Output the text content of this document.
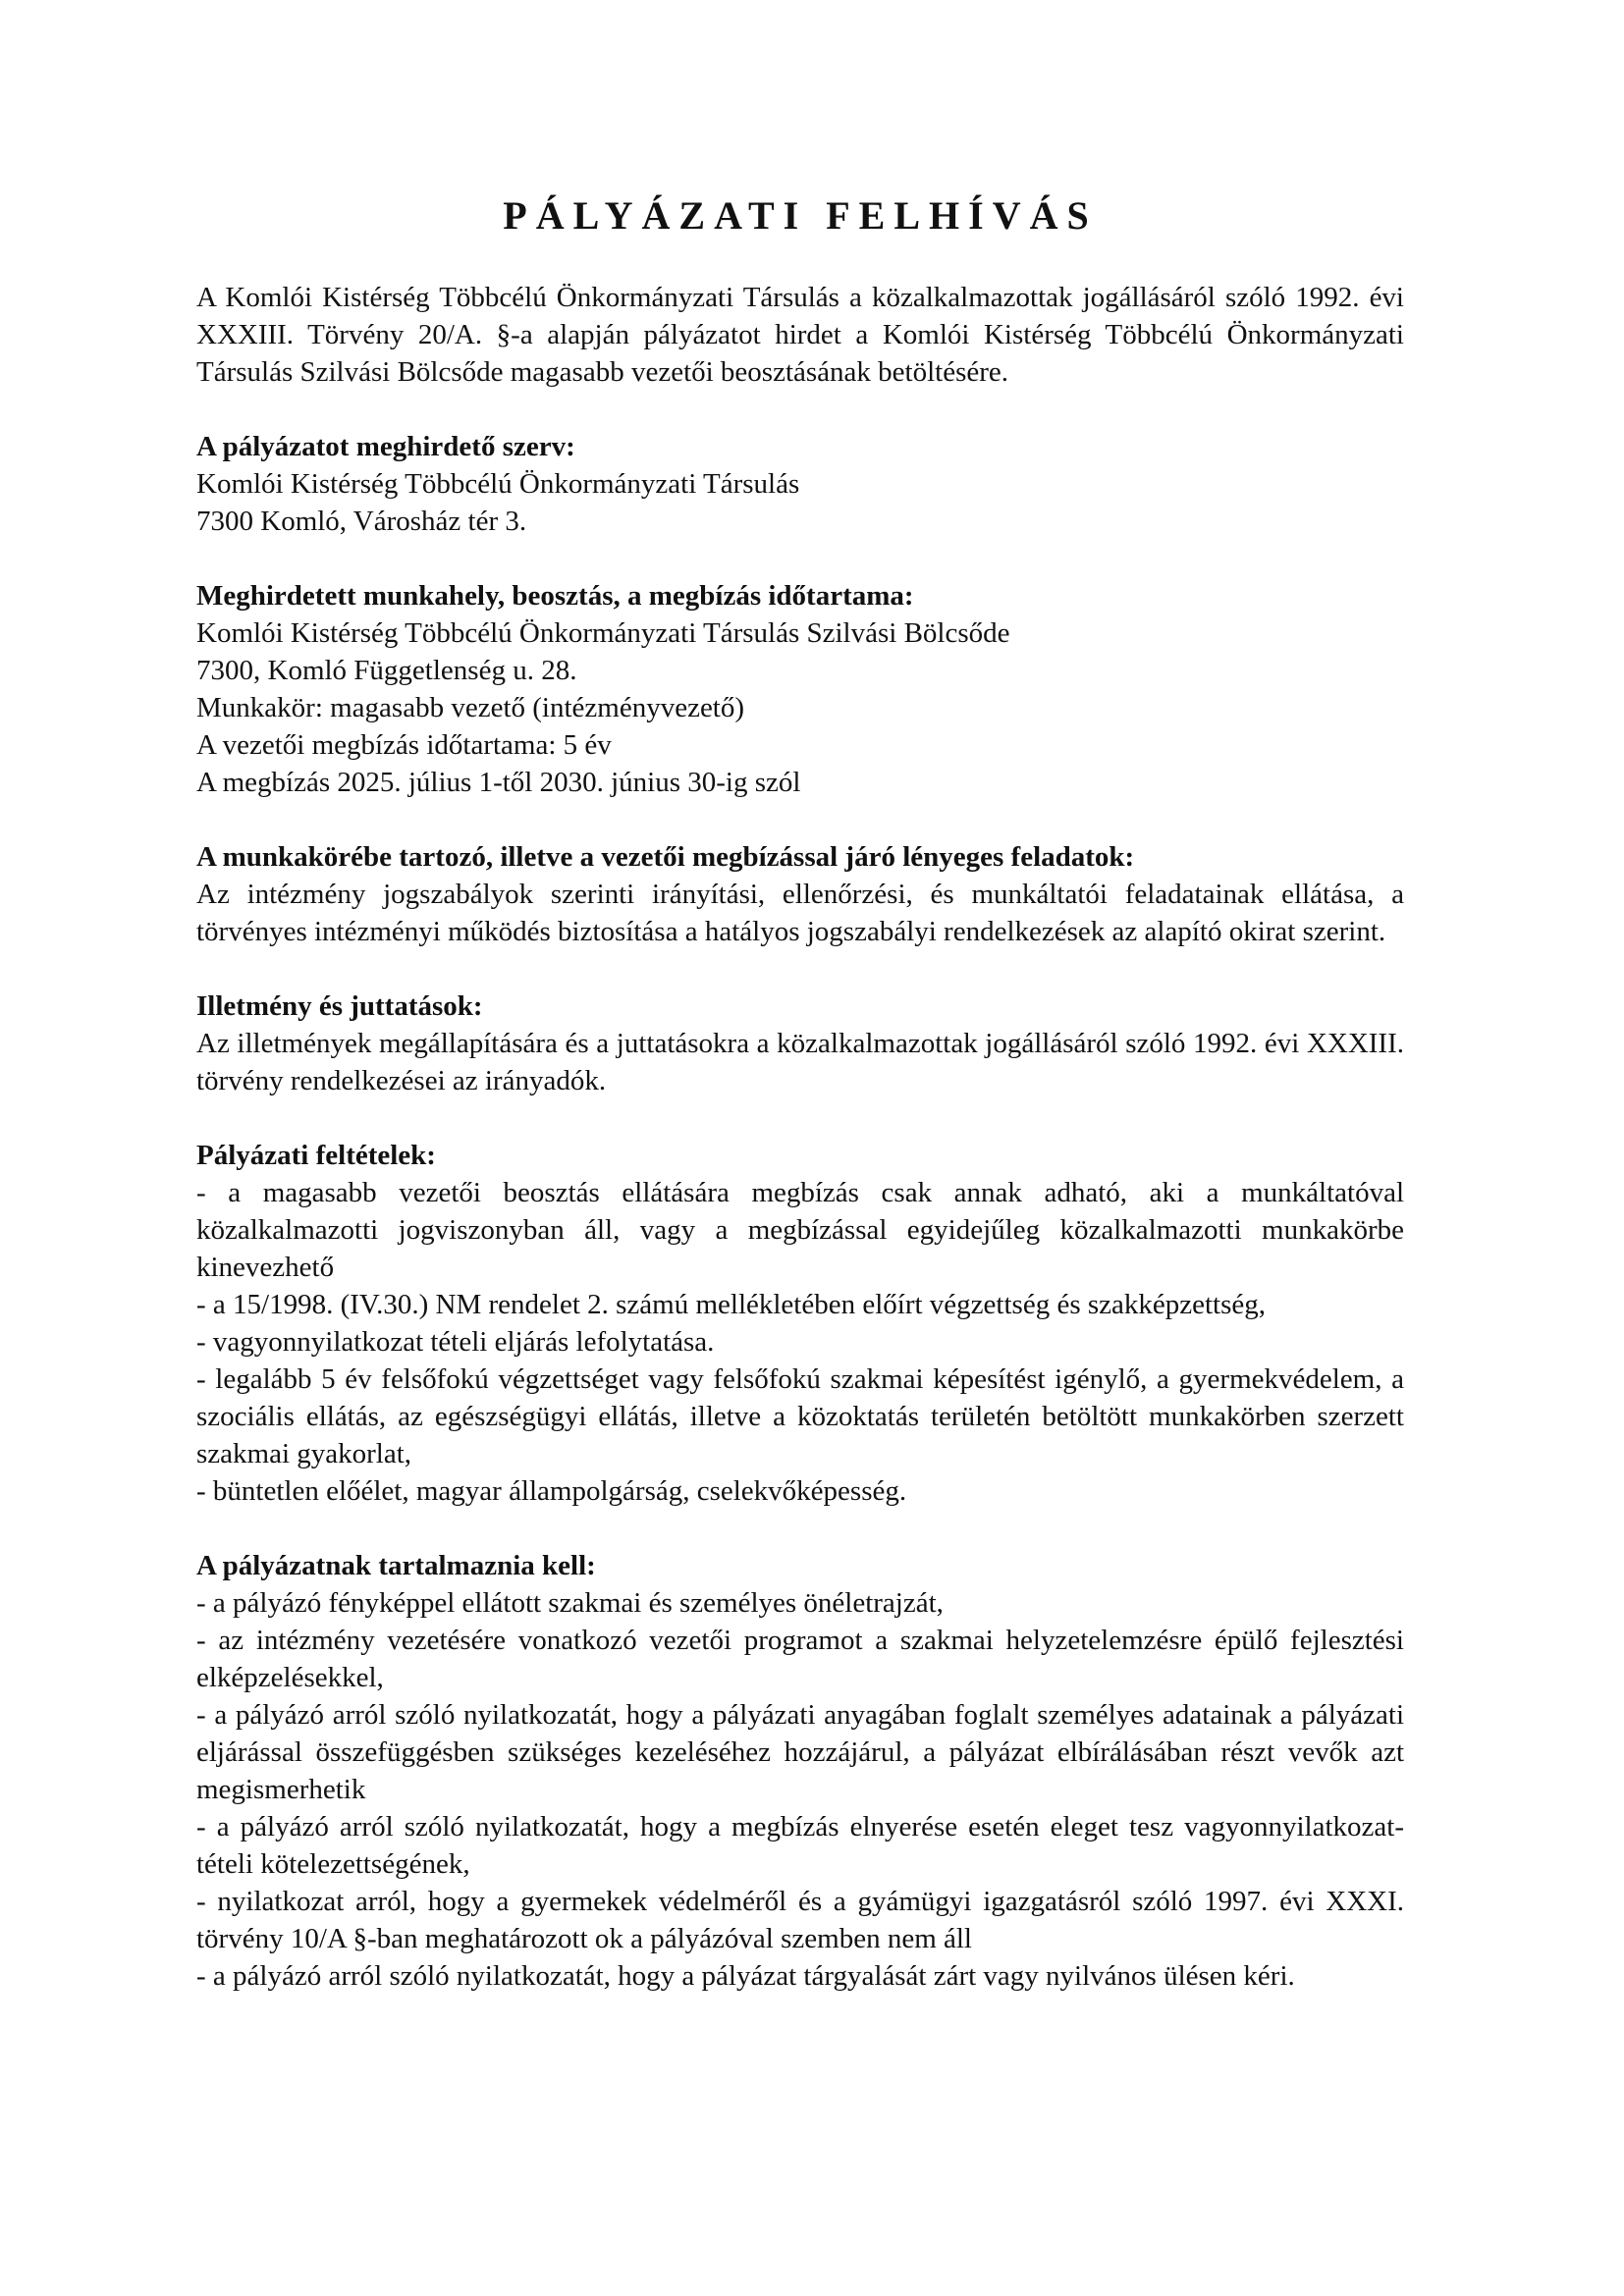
PÁLYÁZATI FELHÍVÁS

A Komlói Kistérség Többcélú Önkormányzati Társulás a közalkalmazottak jogállásáról szóló 1992. évi XXXIII. Törvény 20/A. §-a alapján pályázatot hirdet a Komlói Kistérség Többcélú Önkormányzati Társulás Szilvási Bölcsőde magasabb vezetői beosztásának betöltésére.

A pályázatot meghirdető szerv:

Komlói Kistérség Többcélú Önkormányzati Társulás

7300 Komló, Városház tér 3.

Meghirdetett munkahely, beosztás, a megbízás időtartama:

Komlói Kistérség Többcélú Önkormányzati Társulás Szilvási Bölcsőde

7300, Komló Függetlenség u. 28.

Munkakör: magasabb vezető (intézményvezető)

A vezetői megbízás időtartama: 5 év

A megbízás 2025. július 1-től 2030. június 30-ig szól

A munkakörébe tartozó, illetve a vezetői megbízással járó lényeges feladatok:

Az intézmény jogszabályok szerinti irányítási, ellenőrzési, és munkáltatói feladatainak ellátása, a törvényes intézményi működés biztosítása a hatályos jogszabályi rendelkezések az alapító okirat szerint.

Illetmény és juttatások:

Az illetmények megállapítására és a juttatásokra a közalkalmazottak jogállásáról szóló 1992. évi XXXIII. törvény rendelkezései az irányadók.

Pályázati feltételek:

- a magasabb vezetői beosztás ellátására megbízás csak annak adható, aki a munkáltatóval közalkalmazotti jogviszonyban áll, vagy a megbízással egyidejűleg közalkalmazotti munkakörbe kinevezhető

- a 15/1998. (IV.30.) NM rendelet 2. számú mellékletében előírt végzettség és szakképzettség,

- vagyonnyilatkozat tételi eljárás lefolytatása.

- legalább 5 év felsőfokú végzettséget vagy felsőfokú szakmai képesítést igénylő, a gyermekvédelem, a szociális ellátás, az egészségügyi ellátás, illetve a közoktatás területén betöltött munkakörben szerzett szakmai gyakorlat,

- büntetlen előélet, magyar állampolgárság, cselekvőképesség.

A pályázatnak tartalmaznia kell:

- a pályázó fényképpel ellátott szakmai és személyes önéletrajzát,

- az intézmény vezetésére vonatkozó vezetői programot a szakmai helyzetelemzésre épülő fejlesztési elképzelésekkel,

- a pályázó arról szóló nyilatkozatát, hogy a pályázati anyagában foglalt személyes adatainak a pályázati eljárással összefüggésben szükséges kezeléséhez hozzájárul, a pályázat elbírálásában részt vevők azt megismerhetik

- a pályázó arról szóló nyilatkozatát, hogy a megbízás elnyerése esetén eleget tesz vagyonnyilatkozat-tételi kötelezettségének,

- nyilatkozat arról, hogy a gyermekek védelméről és a gyámügyi igazgatásról szóló 1997. évi XXXI. törvény 10/A §-ban meghatározott ok a pályázóval szemben nem áll

- a pályázó arról szóló nyilatkozatát, hogy a pályázat tárgyalását zárt vagy nyilvános ülésen kéri.
